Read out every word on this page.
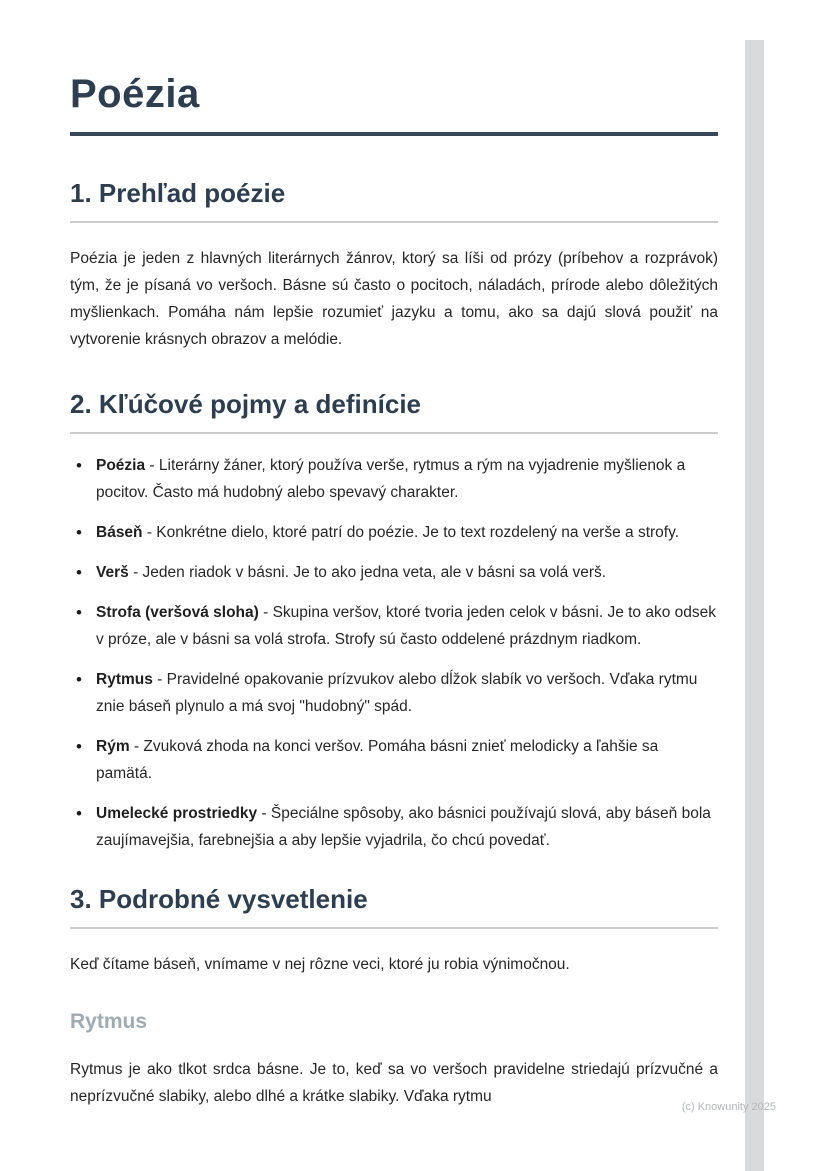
Poézia
1. Prehľad poézie

Poézia je jeden z hlavných literárnych žánrov, ktorý sa líši od prózy (príbehov a rozprávok) tým, že je písaná vo veršoch. Básne sú často o pocitoch, náladách, prírode alebo dôležitých myšlienkach. Pomáha nám lepšie rozumieť jazyku a tomu, ako sa dajú slová použiť na vytvorenie krásnych obrazov a melódie.

2. Kľúčové pojmy a definície
• Poézia - Literárny žáner, ktorý používa verše, rytmus a rým na vyjadrenie myšlienok a pocitov. Často má hudobný alebo spevavý charakter.
• Báseň - Konkrétne dielo, ktoré patrí do poézie. Je to text rozdelený na verše a strofy.
• Verš - Jeden riadok v básni. Je to ako jedna veta, ale v básni sa volá verš.
• Strofa (veršová sloha) - Skupina veršov, ktoré tvoria jeden celok v básni. Je to ako odsek v próze, ale v básni sa volá strofa. Strofy sú často oddelené prázdnym riadkom.
• Rytmus - Pravidelné opakovanie prízvukov alebo dĺžok slabík vo veršoch. Vďaka rytmu znie báseň plynulo a má svoj "hudobný" spád.
• Rým - Zvuková zhoda na konci veršov. Pomáha básni znieť melodicky a ľahšie sa pamätá.
• Umelecké prostriedky - Špeciálne spôsoby, ako básnici používajú slová, aby báseň bola zaujímavejšia, farebnejšia a aby lepšie vyjadrila, čo chcú povedať.
3. Podrobné vysvetlenie

Keď čítame báseň, vnímame v nej rôzne veci, ktoré ju robia výnimočnou.

Rytmus

Rytmus je ako tlkot srdca básne. Je to, keď sa vo veršoch pravidelne striedajú prízvučné a neprízvučné slabiky, alebo dlhé a krátke slabiky. Vďaka rytmu

(c) Knowunity 2025
